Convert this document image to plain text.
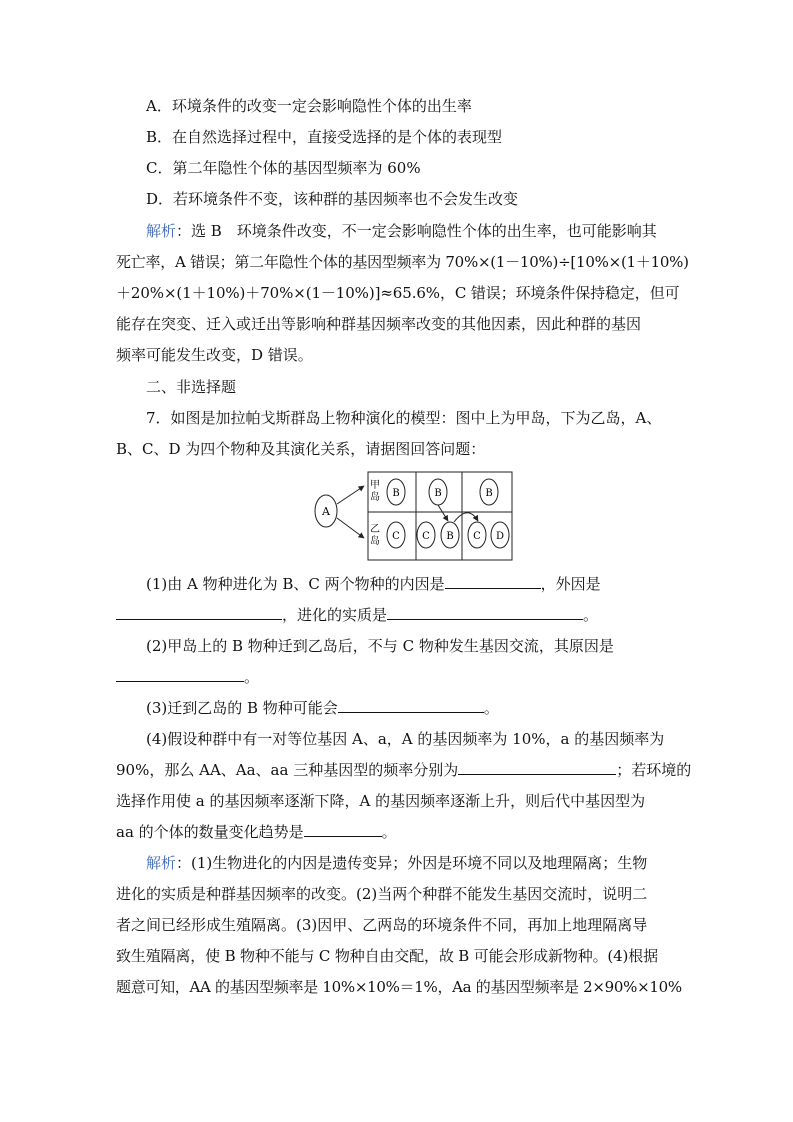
A．环境条件的改变一定会影响隐性个体的出生率
B．在自然选择过程中，直接受选择的是个体的表现型
C．第二年隐性个体的基因型频率为 60%
D．若环境条件不变，该种群的基因频率也不会发生改变
解析：选 B　环境条件改变，不一定会影响隐性个体的出生率，也可能影响其
死亡率，A 错误；第二年隐性个体的基因型频率为 70%×(1－10%)÷[10%×(1＋10%)
＋20%×(1＋10%)＋70%×(1－10%)]≈65.6%，C 错误；环境条件保持稳定，但可
能存在突变、迁入或迁出等影响种群基因频率改变的其他因素，因此种群的基因
频率可能发生改变，D 错误。
二、非选择题
7．如图是加拉帕戈斯群岛上物种演化的模型：图中上为甲岛，下为乙岛，A、
B、C、D 为四个物种及其演化关系，请据图回答问题：
A
甲
岛
乙
岛
B	B	B
C C B C D
(1)由 A 物种进化为 B、C 两个物种的内因是	，外因是
，进化的实质是	。
(2)甲岛上的 B 物种迁到乙岛后，不与 C 物种发生基因交流，其原因是
。
(3)迁到乙岛的 B 物种可能会	。
(4)假设种群中有一对等位基因 A、a，A 的基因频率为 10%，a 的基因频率为
90%，那么 AA、Aa、aa 三种基因型的频率分别为	；若环境的
选择作用使 a 的基因频率逐渐下降，A 的基因频率逐渐上升，则后代中基因型为
aa 的个体的数量变化趋势是	。
解析：(1)生物进化的内因是遗传变异；外因是环境不同以及地理隔离；生物
进化的实质是种群基因频率的改变。(2)当两个种群不能发生基因交流时，说明二
者之间已经形成生殖隔离。(3)因甲、乙两岛的环境条件不同，再加上地理隔离导
致生殖隔离，使 B 物种不能与 C 物种自由交配，故 B 可能会形成新物种。(4)根据
题意可知，AA 的基因型频率是 10%×10%＝1%，Aa 的基因型频率是 2×90%×10%
